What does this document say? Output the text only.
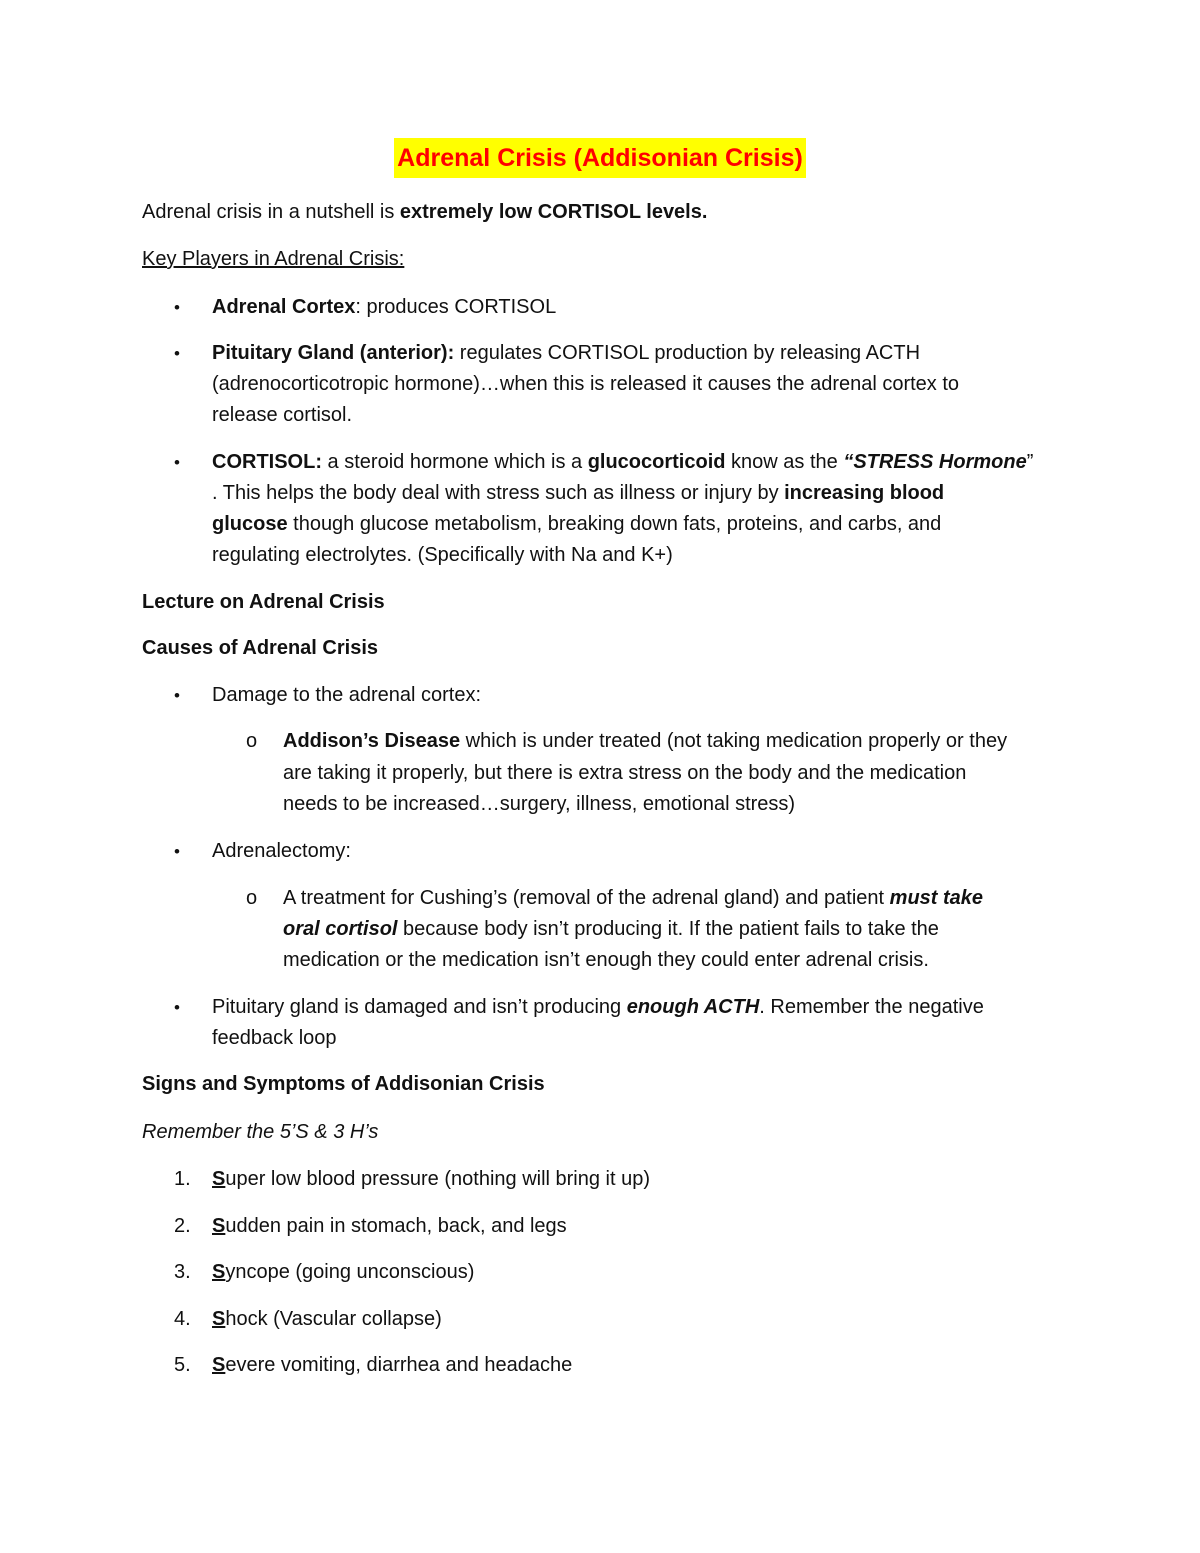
Adrenal Crisis (Addisonian Crisis)
Adrenal crisis in a nutshell is extremely low CORTISOL levels.
Key Players in Adrenal Crisis:
• Adrenal Cortex: produces CORTISOL
• Pituitary Gland (anterior): regulates CORTISOL production by releasing ACTH
(adrenocorticotropic hormone)…when this is released it causes the adrenal cortex to
release cortisol.
• CORTISOL: a steroid hormone which is a glucocorticoid know as the “STRESS Hormone”
. This helps the body deal with stress such as illness or injury by increasing blood
glucose though glucose metabolism, breaking down fats, proteins, and carbs, and
regulating electrolytes. (Specifically with Na and K+)
Lecture on Adrenal Crisis
Causes of Adrenal Crisis
• Damage to the adrenal cortex:
o Addison’s Disease which is under treated (not taking medication properly or they
are taking it properly, but there is extra stress on the body and the medication
needs to be increased…surgery, illness, emotional stress)
• Adrenalectomy:
o A treatment for Cushing’s (removal of the adrenal gland) and patient must take
oral cortisol because body isn’t producing it. If the patient fails to take the
medication or the medication isn’t enough they could enter adrenal crisis.
• Pituitary gland is damaged and isn’t producing enough ACTH. Remember the negative
feedback loop
Signs and Symptoms of Addisonian Crisis
Remember the 5’S & 3 H’s
1. Super low blood pressure (nothing will bring it up)
2. Sudden pain in stomach, back, and legs
3. Syncope (going unconscious)
4. Shock (Vascular collapse)
5. Severe vomiting, diarrhea and headache
